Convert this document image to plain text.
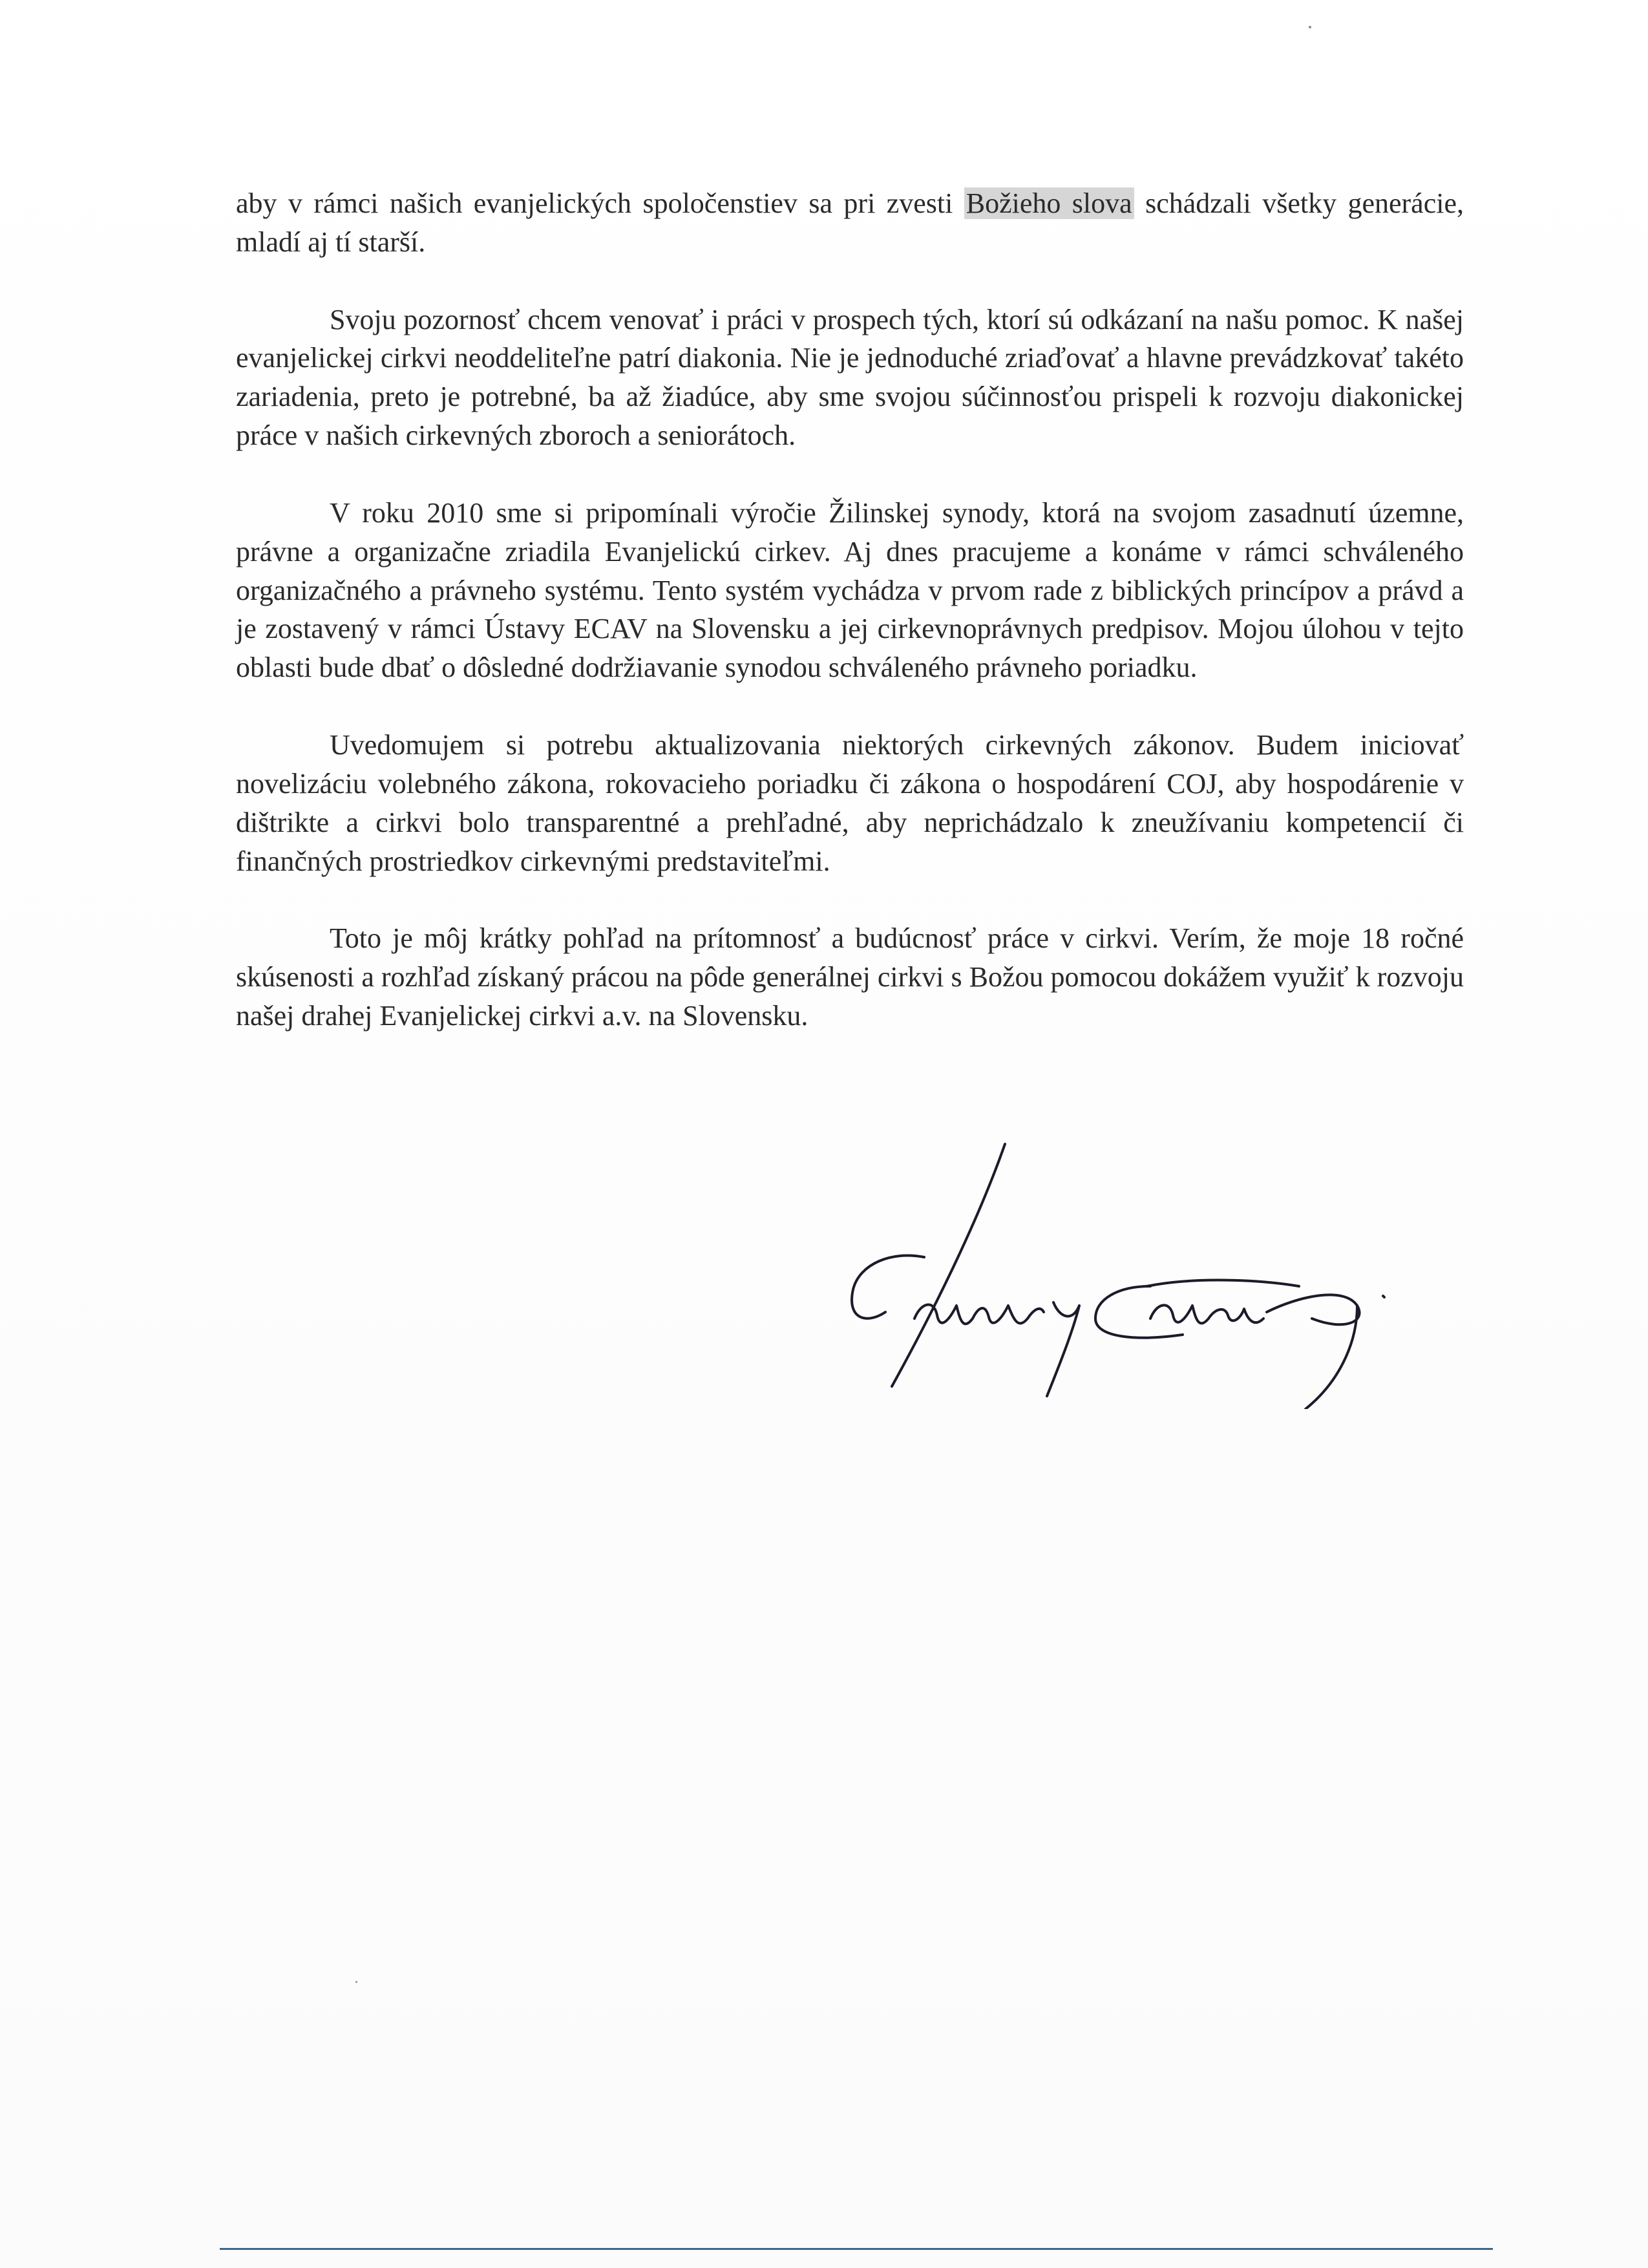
aby v rámci našich evanjelických spoločenstiev sa pri zvesti Božieho slova schádzali všetky generácie, mladí aj tí starší.

Svoju pozornosť chcem venovať i práci v prospech tých, ktorí sú odkázaní na našu pomoc. K našej evanjelickej cirkvi neoddeliteľne patrí diakonia. Nie je jednoduché zriaďovať a hlavne prevádzkovať takéto zariadenia, preto je potrebné, ba až žiadúce, aby sme svojou súčinnosťou prispeli k rozvoju diakonickej práce v našich cirkevných zboroch a seniorátoch.

V roku 2010 sme si pripomínali výročie Žilinskej synody, ktorá na svojom zasadnutí územne, právne a organizačne zriadila Evanjelickú cirkev. Aj dnes pracujeme a konáme v rámci schváleného organizačného a právneho systému. Tento systém vychádza v prvom rade z biblických princípov a právd a je zostavený v rámci Ústavy ECAV na Slovensku a jej cirkevnoprávnych predpisov. Mojou úlohou v tejto oblasti bude dbať o dôsledné dodržiavanie synodou schváleného právneho poriadku.

Uvedomujem si potrebu aktualizovania niektorých cirkevných zákonov. Budem iniciovať novelizáciu volebného zákona, rokovacieho poriadku či zákona o hospodárení COJ, aby hospodárenie v dištrikte a cirkvi bolo transparentné a prehľadné, aby neprichádzalo k zneužívaniu kompetencií či finančných prostriedkov cirkevnými predstaviteľmi.

Toto je môj krátky pohľad na prítomnosť a budúcnosť práce v cirkvi. Verím, že moje 18 ročné skúsenosti a rozhľad získaný prácou na pôde generálnej cirkvi s Božou pomocou dokážem využiť k rozvoju našej drahej Evanjelickej cirkvi a.v. na Slovensku.
